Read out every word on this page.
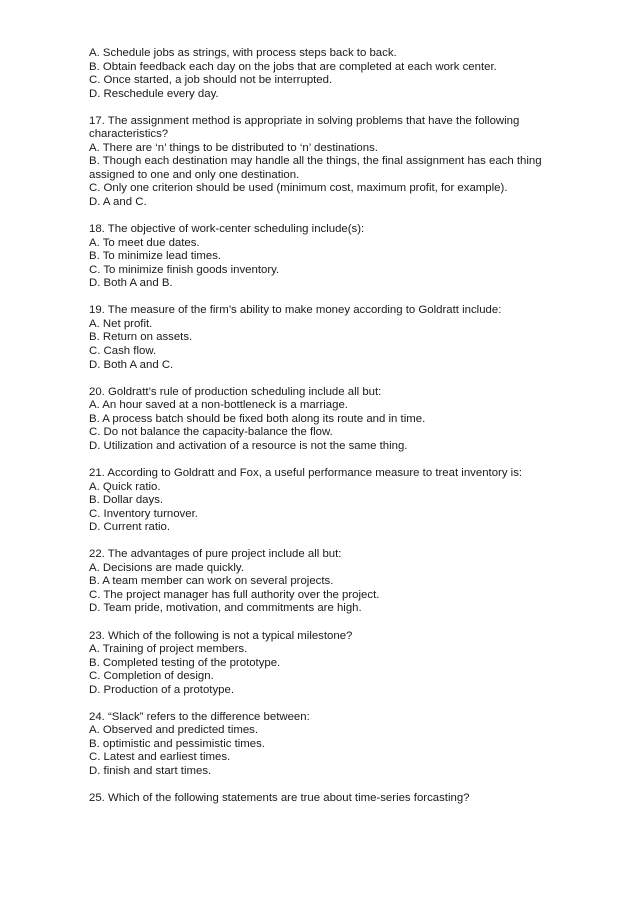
A. Schedule jobs as strings, with process steps back to back.
B. Obtain feedback each day on the jobs that are completed at each work center.
C. Once started, a job should not be interrupted.
D. Reschedule every day.
17. The assignment method is appropriate in solving problems that have the following
characteristics?
A. There are ‘n’ things to be distributed to ‘n’ destinations.
B. Though each destination may handle all the things, the final assignment has each thing
assigned to one and only one destination.
C. Only one criterion should be used (minimum cost, maximum profit, for example).
D. A and C.
18. The objective of work-center scheduling include(s):
A. To meet due dates.
B. To minimize lead times.
C. To minimize finish goods inventory.
D. Both A and B.
19. The measure of the firm’s ability to make money according to Goldratt include:
A. Net profit.
B. Return on assets.
C. Cash flow.
D. Both A and C.
20. Goldratt’s rule of production scheduling include all but:
A. An hour saved at a non-bottleneck is a marriage.
B. A process batch should be fixed both along its route and in time.
C. Do not balance the capacity-balance the flow.
D. Utilization and activation of a resource is not the same thing.
21. According to Goldratt and Fox, a useful performance measure to treat inventory is:
A. Quick ratio.
B. Dollar days.
C. Inventory turnover.
D. Current ratio.
22. The advantages of pure project include all but:
A. Decisions are made quickly.
B. A team member can work on several projects.
C. The project manager has full authority over the project.
D. Team pride, motivation, and commitments are high.
23. Which of the following is not a typical milestone?
A. Training of project members.
B. Completed testing of the prototype.
C. Completion of design.
D. Production of a prototype.
24. “Slack” refers to the difference between:
A. Observed and predicted times.
B. optimistic and pessimistic times.
C. Latest and earliest times.
D. finish and start times.
25. Which of the following statements are true about time-series forcasting?
